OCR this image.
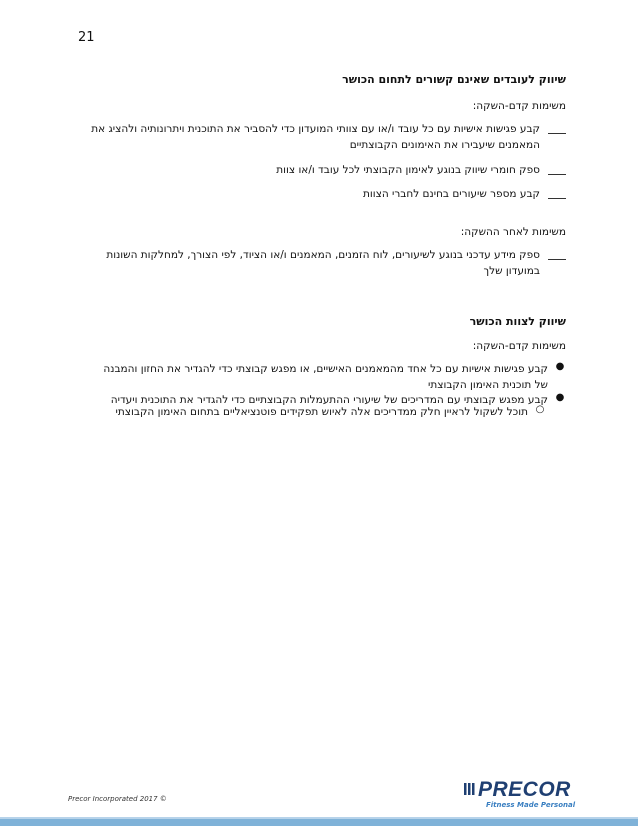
21
שיווק לעובדים שאינם קשורים לתחום הכושר
משימות קדם-השקה:
קבע פגישות אישיות עם כל עובד ו/או עם צוותי המועדון כדי להסביר את התוכנית ויתרונותיה ולהציג את
המאמנים שיעבירו את האימונים הקבוצתיים
ספק חומרי שיווק בנוגע לאימון הקבוצתי לכל עובד ו/או צוות
קבע מספר שיעורים בחינם לחברי הצוות
משימות לאחר ההשקה:
ספק מידע עדכני בנוגע לשיעורים, לוח הזמנים, המאמנים ו/או הציוד, לפי הצורך, למחלקות השונות
במועדון שלך
שיווק לצוות הכושר
משימות קדם-השקה:
●
קבע פגישות אישיות עם כל אחד מהמאמנים האישיים, או מפגש קבוצתי כדי להגדיר את החזון והמבנה
של תוכנית האימון הקבוצתי
●
קבע מפגש קבוצתי עם המדריכים של שיעורי ההתעמלות הקבוצתיים כדי להגדיר את התוכנית ויעדיה
○
תוכל לשקול לראיין חלק ממדריכים אלה לאיוש תפקידים פוטנציאליים בתחום האימון הקבוצתי
Precor Incorporated 2017 ©	PRECOR
Fitness Made Personal
